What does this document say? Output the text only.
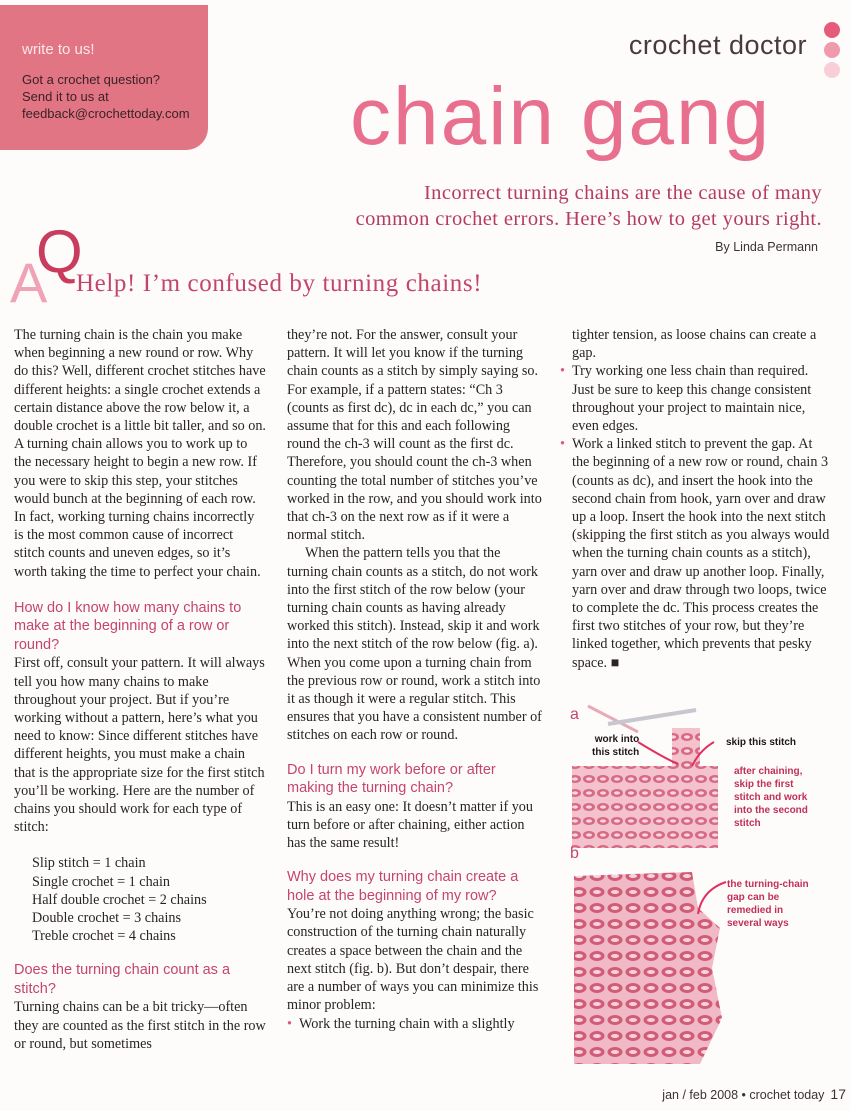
write to us!
Got a crochet question?
Send it to us at
feedback@crochettoday.com
crochet doctor
chain gang
Incorrect turning chains are the cause of many
common crochet errors. Here’s how to get yours right.
By Linda Permann
Q
A Help! I’m confused by turning chains!

The turning chain is the chain you make when beginning a new round or row. Why do this? Well, different crochet stitches have different heights: a single crochet extends a certain distance above the row below it, a double crochet is a little bit taller, and so on. A turning chain allows you to work up to the necessary height to begin a new row. If you were to skip this step, your stitches would bunch at the beginning of each row. In fact, working turning chains incorrectly is the most common cause of incorrect stitch counts and uneven edges, so it’s worth taking the time to perfect your chain.

How do I know how many chains to make at the beginning of a row or round?

First off, consult your pattern. It will always tell you how many chains to make throughout your project. But if you’re working without a pattern, here’s what you need to know: Since different stitches have different heights, you must make a chain that is the appropriate size for the first stitch you’ll be working. Here are the number of chains you should work for each type of stitch:

Slip stitch = 1 chain
Single crochet = 1 chain
Half double crochet = 2 chains
Double crochet = 3 chains
Treble crochet = 4 chains
Does the turning chain count as a stitch?

Turning chains can be a bit tricky—often they are counted as the first stitch in the row or round, but sometimes

they’re not. For the answer, consult your pattern. It will let you know if the turning chain counts as a stitch by simply saying so. For example, if a pattern states: “Ch 3 (counts as first dc), dc in each dc,” you can assume that for this and each following round the ch-3 will count as the first dc. Therefore, you should count the ch-3 when counting the total number of stitches you’ve worked in the row, and you should work into that ch-3 on the next row as if it were a normal stitch.

When the pattern tells you that the turning chain counts as a stitch, do not work into the first stitch of the row below (your turning chain counts as having already worked this stitch). Instead, skip it and work into the next stitch of the row below (fig. a). When you come upon a turning chain from the previous row or round, work a stitch into it as though it were a regular stitch. This ensures that you have a consistent number of stitches on each row or round.

Do I turn my work before or after making the turning chain?

This is an easy one: It doesn’t matter if you turn before or after chaining, either action has the same result!

Why does my turning chain create a hole at the beginning of my row?

You’re not doing anything wrong; the basic construction of the turning chain naturally creates a space between the chain and the next stitch (fig. b). But don’t despair, there are a number of ways you can minimize this minor problem:

• Work the turning chain with a slightly

tighter tension, as loose chains can create a gap.

• Try working one less chain than required. Just be sure to keep this change consistent throughout your project to maintain nice, even edges.

• Work a linked stitch to prevent the gap. At the beginning of a new row or round, chain 3 (counts as dc), and insert the hook into the second chain from hook, yarn over and draw up a loop. Insert the hook into the next stitch (skipping the first stitch as you always would when the turning chain counts as a stitch), yarn over and draw up another loop. Finally, yarn over and draw through two loops, twice to complete the dc. This process creates the first two stitches of your row, but they’re linked together, which prevents that pesky space. ■

a
work into
this stitch
skip this stitch
after chaining,
skip the first
stitch and work
into the second
stitch
b
the turning-chain
gap can be
remedied in
several ways
jan / feb 2008 • crochet today 17
